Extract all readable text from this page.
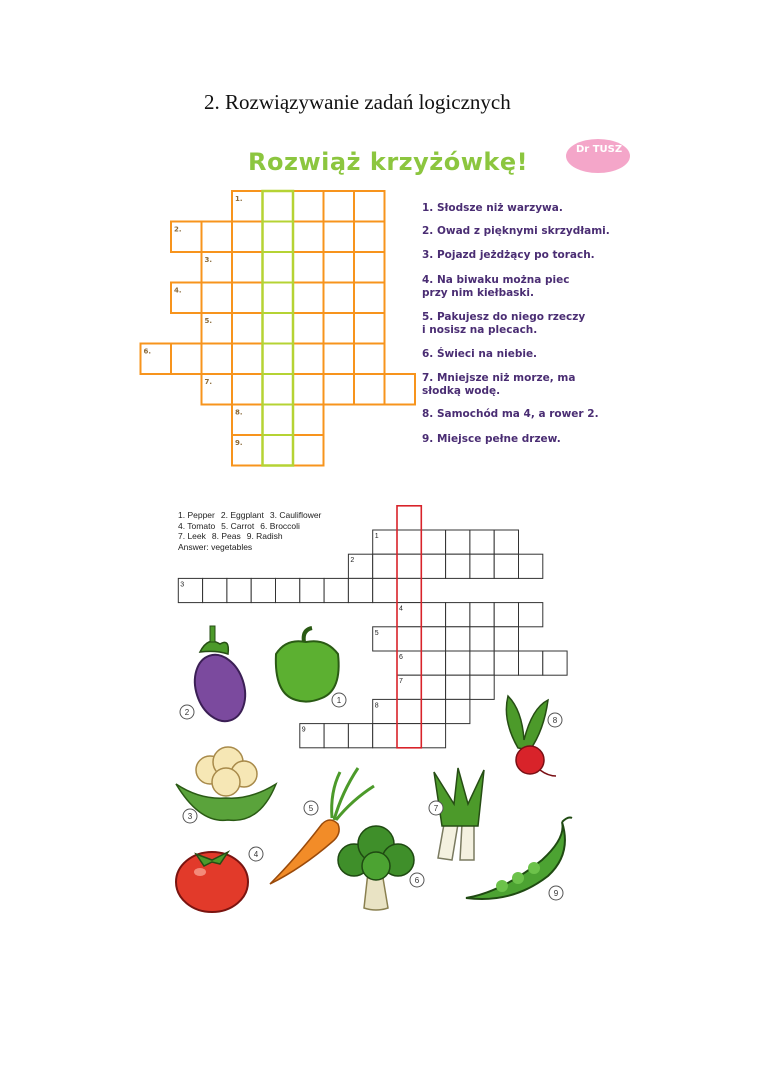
2. Rozwiązywanie zadań logicznych
Rozwiąż krzyżówkę!	Dr TUSZ
1.
2.
3.
4.
5.
6.
7.
8.
9.
1. Słodsze niż warzywa.
2. Owad z pięknymi skrzydłami.
3. Pojazd jeżdżący po torach.
4. Na biwaku można piec
przy nim kiełbaski.
5. Pakujesz do niego rzeczy
i nosisz na plecach.
6. Świeci na niebie.
7. Mniejsze niż morze, ma
słodką wodę.
8. Samochód ma 4, a rower 2.
9. Miejsce pełne drzew.
1. Pepper 2. Eggplant 3. Cauliflower
4. Tomato 5. Carrot 6. Broccoli
7. Leek 8. Peas 9. Radish
Answer: vegetables
1
2
3
4
5
6
7
8
9
1
2
3
4
5
6
7
8
9
